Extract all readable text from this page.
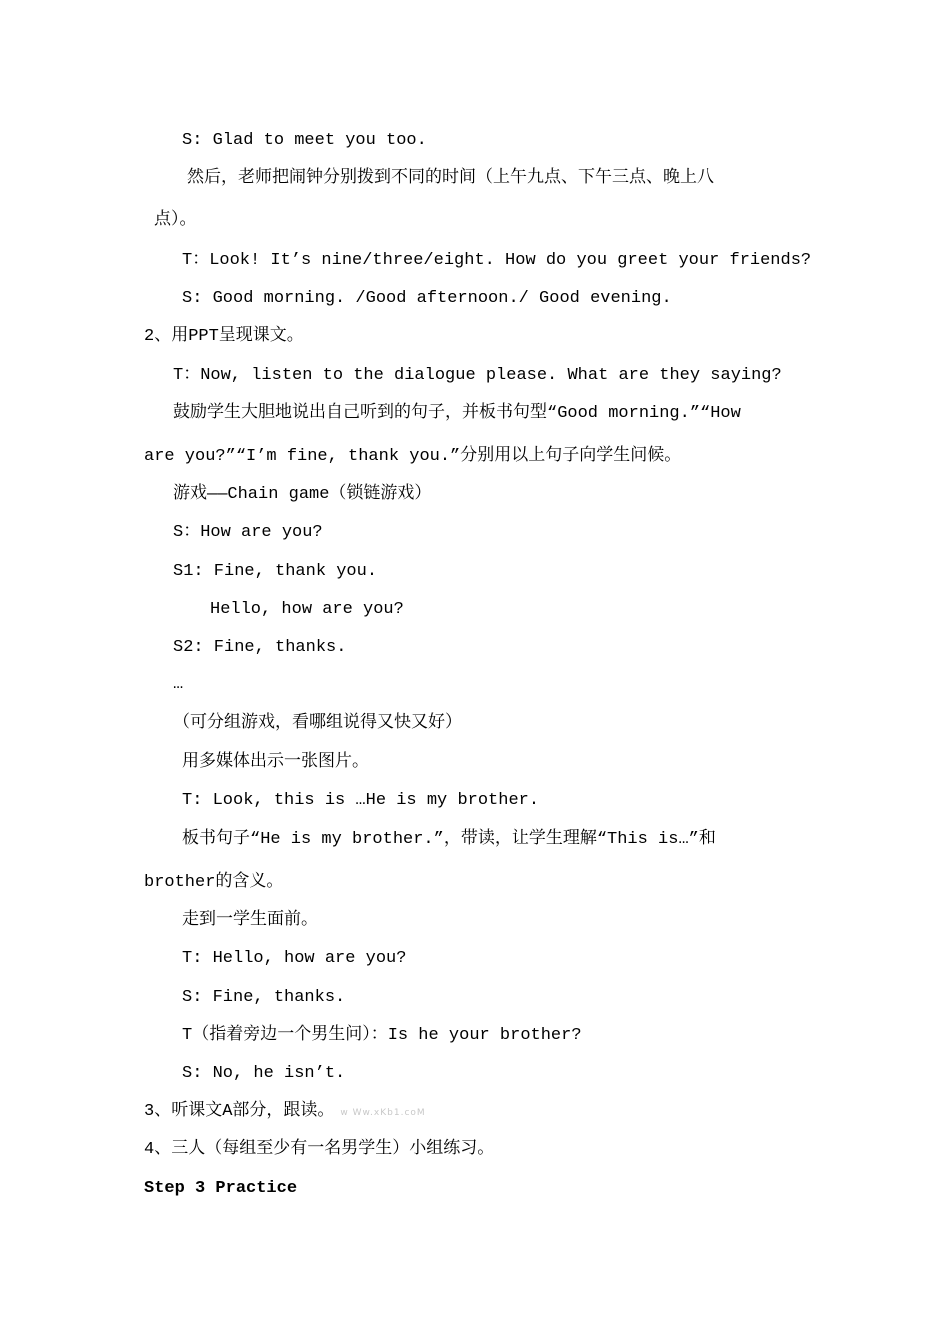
S: Glad to meet you too.
然后，老师把闹钟分别拨到不同的时间（上午九点、下午三点、晚上八
点）。
T：Look! It’s nine/three/eight. How do you greet your friends?
S: Good morning. /Good afternoon./ Good evening.
2、用PPT呈现课文。
T：Now, listen to the dialogue please. What are they saying?
鼓励学生大胆地说出自己听到的句子，并板书句型“Good morning.”“How
are you?”“I’m fine, thank you.”分别用以上句子向学生问候。
游戏——Chain game（锁链游戏）
S：How are you?
S1: Fine, thank you.
Hello, how are you?
S2: Fine, thanks.
…
（可分组游戏，看哪组说得又快又好）
用多媒体出示一张图片。
T: Look, this is …He is my brother.
板书句子“He is my brother.”，带读，让学生理解“This is…”和
brother的含义。
走到一学生面前。
T: Hello, how are you?
S: Fine, thanks.
T（指着旁边一个男生问）：Is he your brother?
S: No, he isn’t.
3、听课文A部分，跟读。 w Ww.xKb1.coM
4、三人（每组至少有一名男学生）小组练习。
Step 3 Practice
